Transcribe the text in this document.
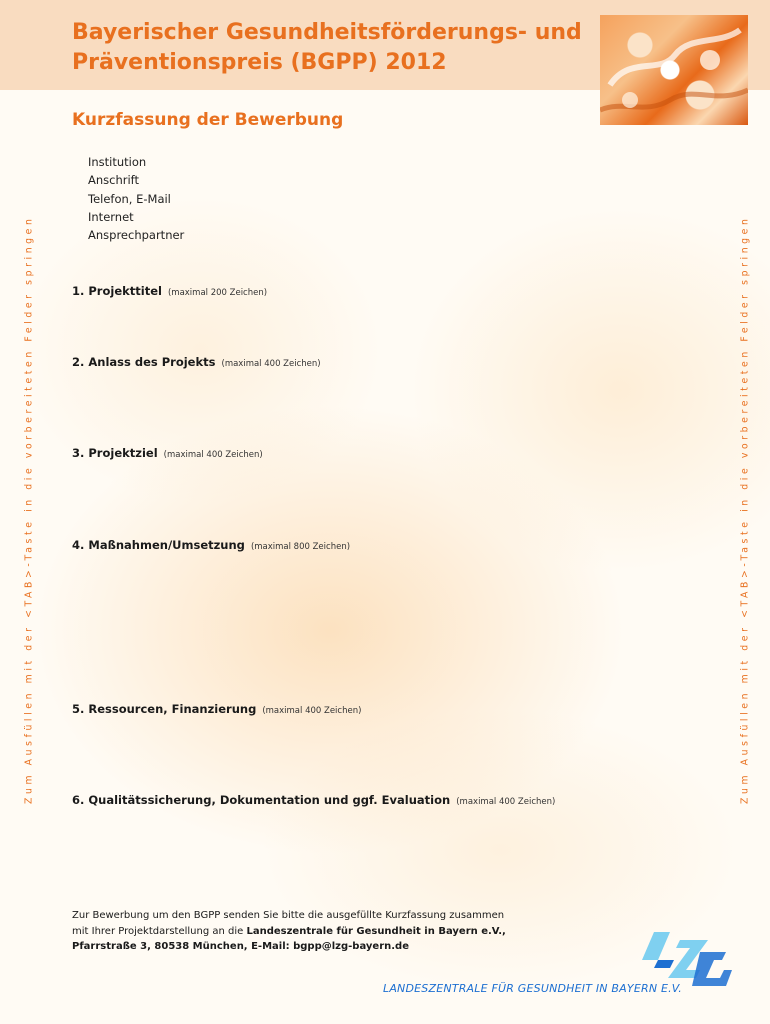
Bayerischer Gesundheitsförderungs- und
Präventionspreis (BGPP) 2012
Kurzfassung der Bewerbung
Institution
Anschrift
Telefon, E-Mail
Internet
Ansprechpartner
1. Projekttitel (maximal 200 Zeichen)
2. Anlass des Projekts (maximal 400 Zeichen)
3. Projektziel (maximal 400 Zeichen)
4. Maßnahmen/Umsetzung (maximal 800 Zeichen)
5. Ressourcen, Finanzierung (maximal 400 Zeichen)
6. Qualitätssicherung, Dokumentation und ggf. Evaluation (maximal 400 Zeichen)
Zum Ausfüllen mit der <TAB>-Taste in die vorbereiteten Felder springen	Zum Ausfüllen mit der <TAB>-Taste in die vorbereiteten Felder springen
Zur Bewerbung um den BGPP senden Sie bitte die ausgefüllte Kurzfassung zusammen
mit Ihrer Projektdarstellung an die Landeszentrale für Gesundheit in Bayern e.V.,
Pfarrstraße 3, 80538 München, E-Mail: bgpp@lzg-bayern.de
LANDESZENTRALE FÜR GESUNDHEIT IN BAYERN E.V.
